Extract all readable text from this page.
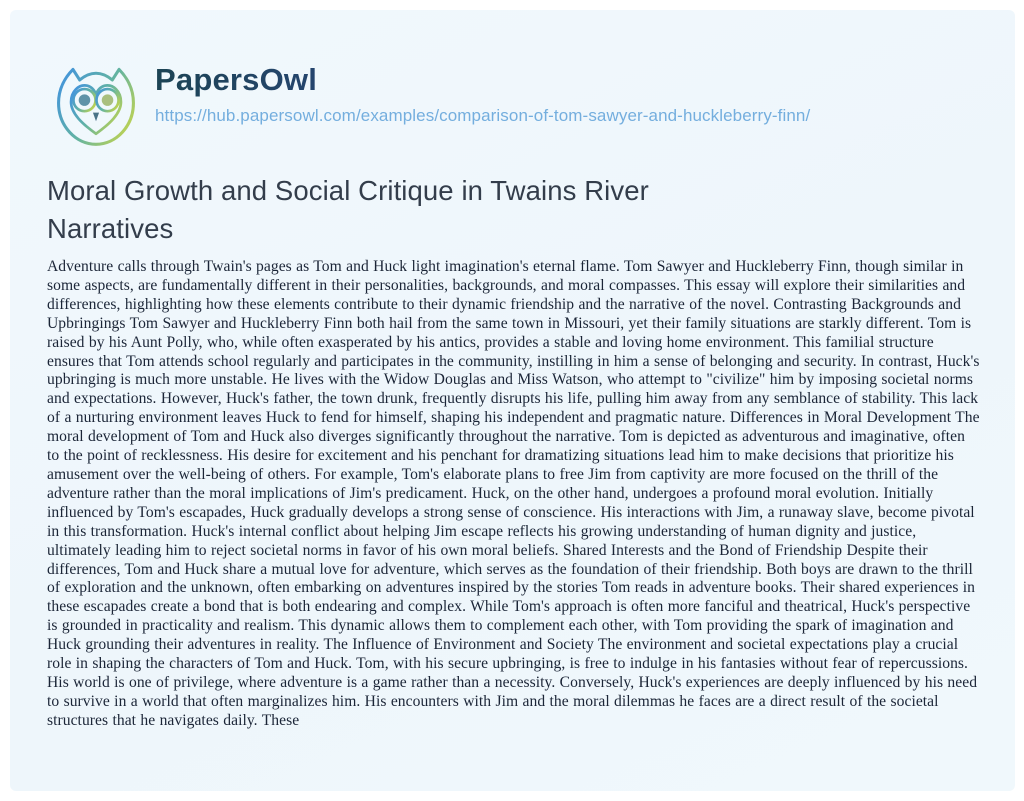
PapersOwl
https://hub.papersowl.com/examples/comparison-of-tom-sawyer-and-huckleberry-finn/
Moral Growth and Social Critique in Twains River Narratives

Adventure calls through Twain's pages as Tom and Huck light imagination's eternal flame. Tom Sawyer and Huckleberry Finn, though similar in some aspects, are fundamentally different in their personalities, backgrounds, and moral compasses. This essay will explore their similarities and differences, highlighting how these elements contribute to their dynamic friendship and the narrative of the novel. Contrasting Backgrounds and Upbringings Tom Sawyer and Huckleberry Finn both hail from the same town in Missouri, yet their family situations are starkly different. Tom is raised by his Aunt Polly, who, while often exasperated by his antics, provides a stable and loving home environment. This familial structure ensures that Tom attends school regularly and participates in the community, instilling in him a sense of belonging and security. In contrast, Huck's upbringing is much more unstable. He lives with the Widow Douglas and Miss Watson, who attempt to "civilize" him by imposing societal norms and expectations. However, Huck's father, the town drunk, frequently disrupts his life, pulling him away from any semblance of stability. This lack of a nurturing environment leaves Huck to fend for himself, shaping his independent and pragmatic nature. Differences in Moral Development The moral development of Tom and Huck also diverges significantly throughout the narrative. Tom is depicted as adventurous and imaginative, often to the point of recklessness. His desire for excitement and his penchant for dramatizing situations lead him to make decisions that prioritize his amusement over the well-being of others. For example, Tom's elaborate plans to free Jim from captivity are more focused on the thrill of the adventure rather than the moral implications of Jim's predicament. Huck, on the other hand, undergoes a profound moral evolution. Initially influenced by Tom's escapades, Huck gradually develops a strong sense of conscience. His interactions with Jim, a runaway slave, become pivotal in this transformation. Huck's internal conflict about helping Jim escape reflects his growing understanding of human dignity and justice, ultimately leading him to reject societal norms in favor of his own moral beliefs. Shared Interests and the Bond of Friendship Despite their differences, Tom and Huck share a mutual love for adventure, which serves as the foundation of their friendship. Both boys are drawn to the thrill of exploration and the unknown, often embarking on adventures inspired by the stories Tom reads in adventure books. Their shared experiences in these escapades create a bond that is both endearing and complex. While Tom's approach is often more fanciful and theatrical, Huck's perspective is grounded in practicality and realism. This dynamic allows them to complement each other, with Tom providing the spark of imagination and Huck grounding their adventures in reality. The Influence of Environment and Society The environment and societal expectations play a crucial role in shaping the characters of Tom and Huck. Tom, with his secure upbringing, is free to indulge in his fantasies without fear of repercussions. His world is one of privilege, where adventure is a game rather than a necessity. Conversely, Huck's experiences are deeply influenced by his need to survive in a world that often marginalizes him. His encounters with Jim and the moral dilemmas he faces are a direct result of the societal structures that he navigates daily. These
